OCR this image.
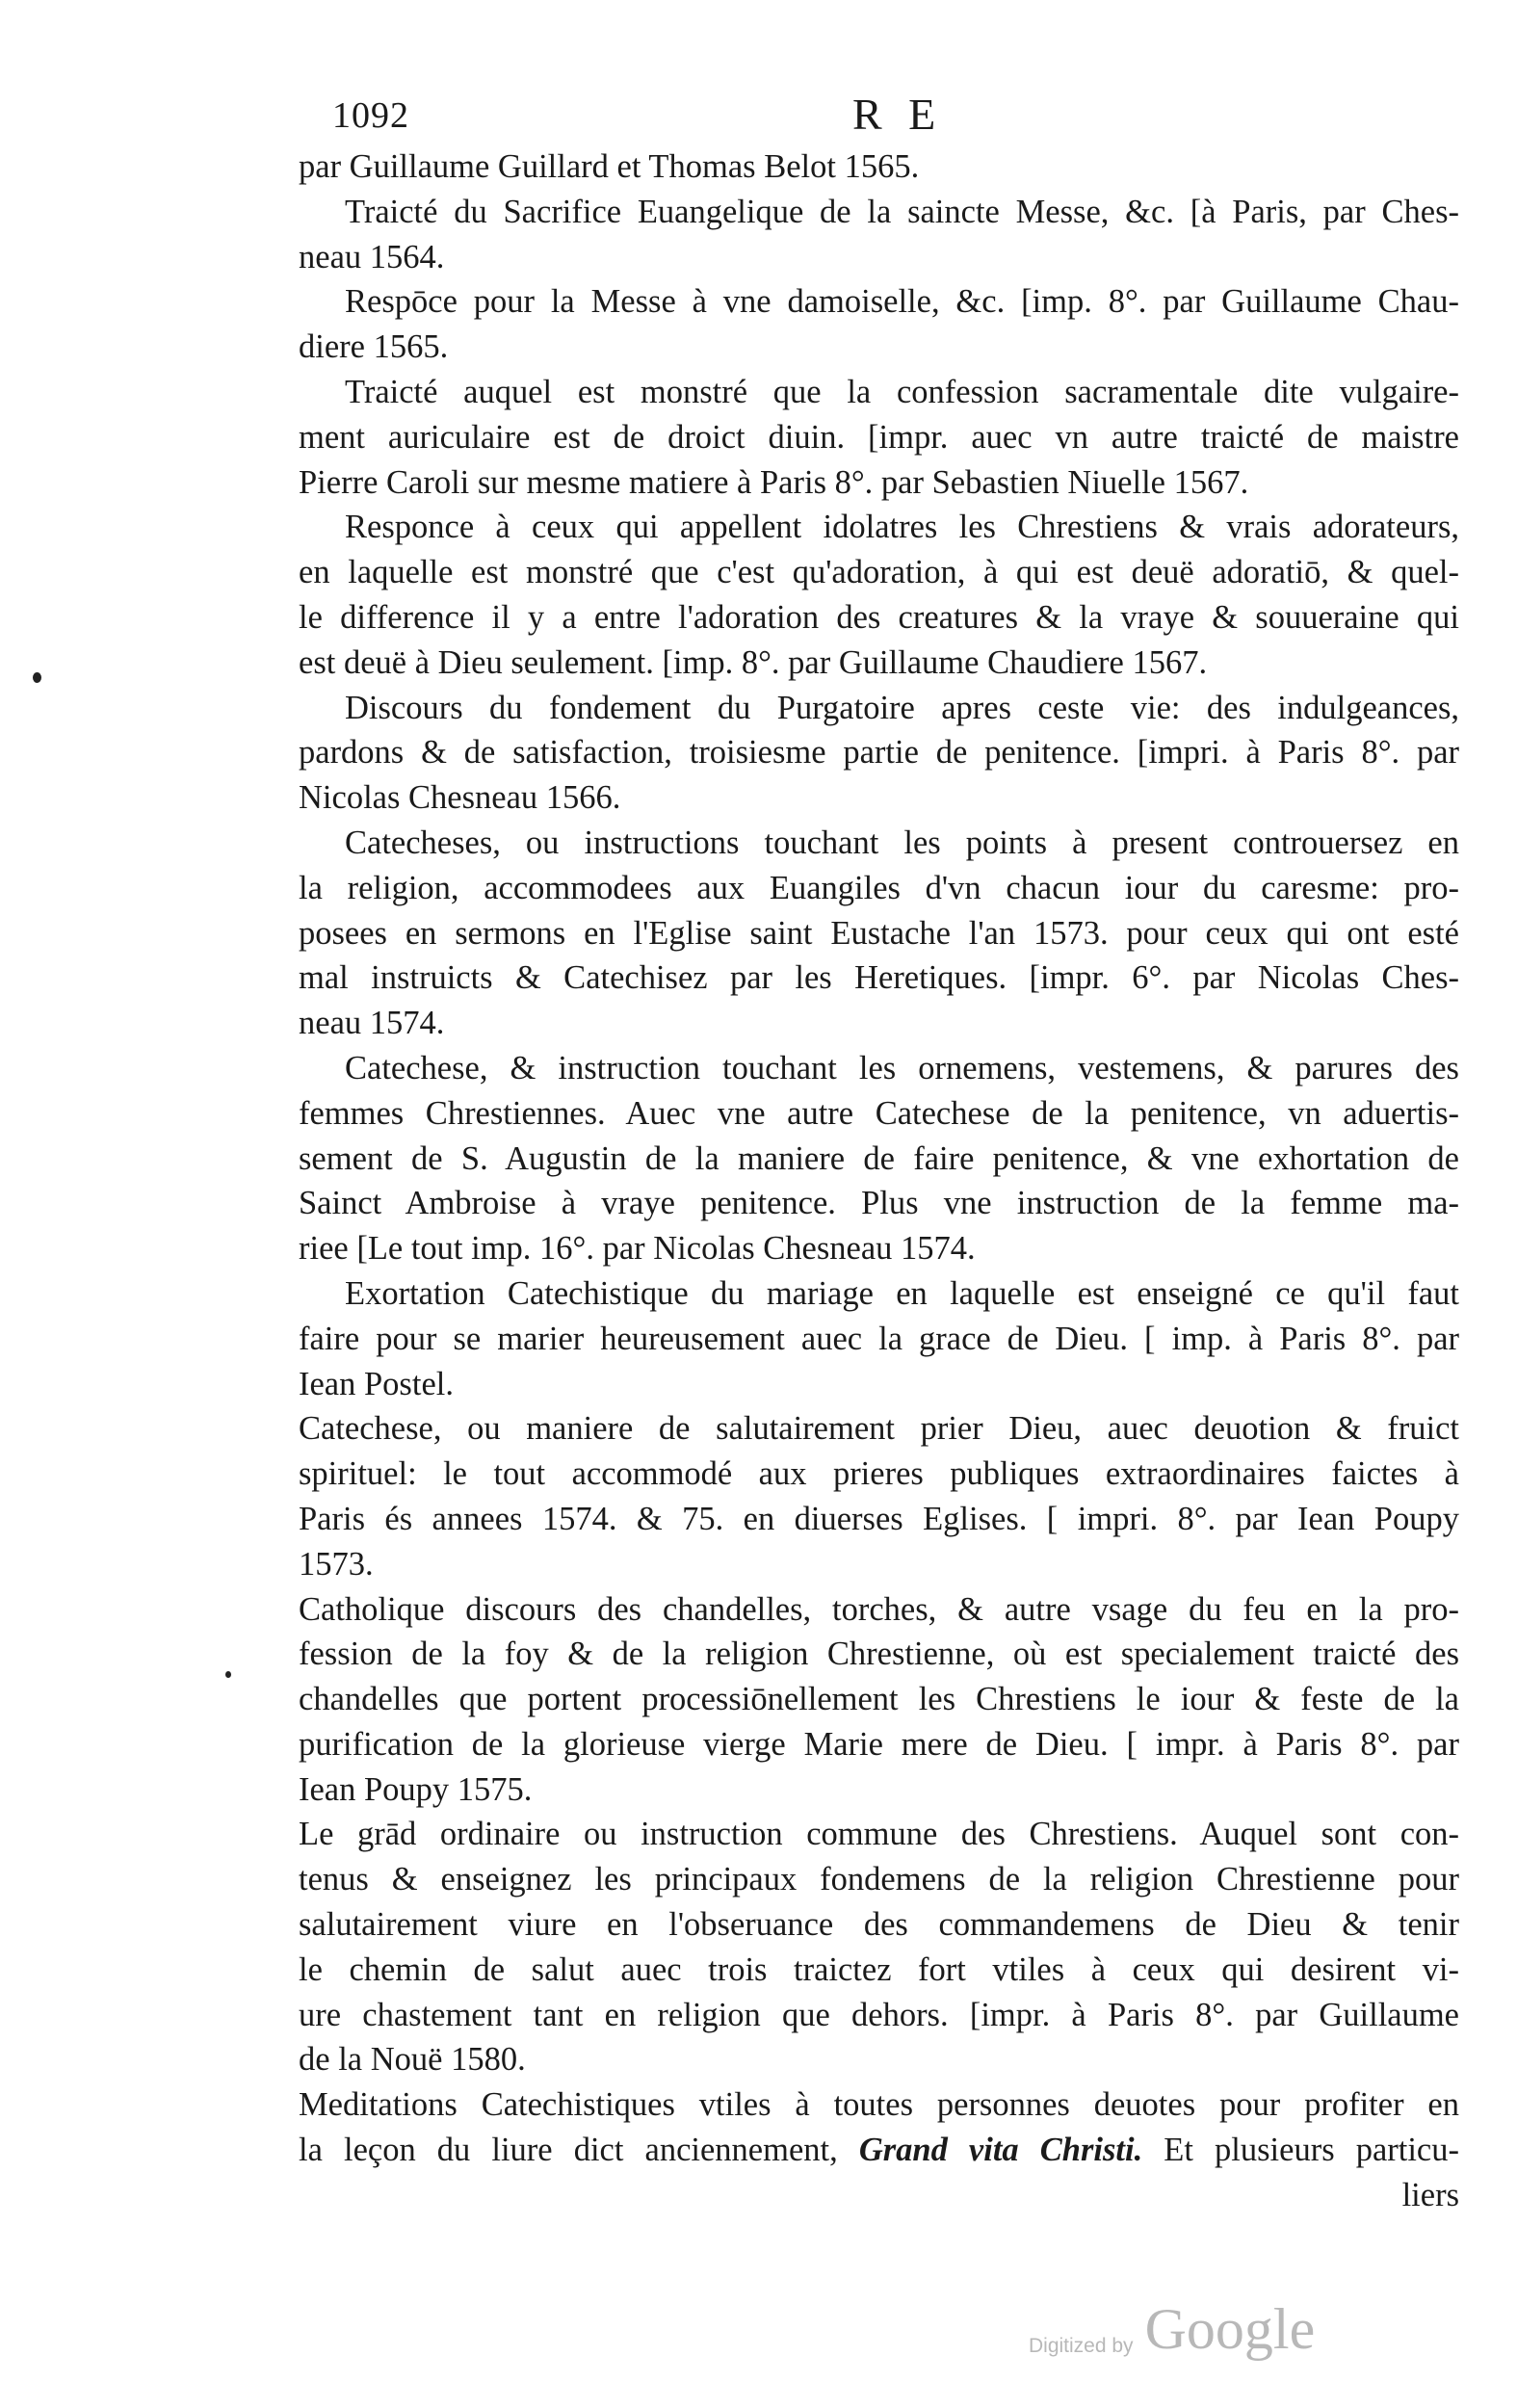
1092	R E
par Guillaume Guillard et Thomas Belot 1565.
Traicté du Sacrifice Euangelique de la saincte Messe, &c. [à Paris, par Ches-
neau 1564.
Respōce pour la Messe à vne damoiselle, &c. [imp. 8°. par Guillaume Chau-
diere 1565.
Traicté auquel est monstré que la confession sacramentale dite vulgaire-
ment auriculaire est de droict diuin. [impr. auec vn autre traicté de maistre
Pierre Caroli sur mesme matiere à Paris 8°. par Sebastien Niuelle 1567.
Responce à ceux qui appellent idolatres les Chrestiens & vrais adorateurs,
en laquelle est monstré que c'est qu'adoration, à qui est deuë adoratiō, & quel-
le difference il y a entre l'adoration des creatures & la vraye & souueraine qui
est deuë à Dieu seulement. [imp. 8°. par Guillaume Chaudiere 1567.
Discours du fondement du Purgatoire apres ceste vie: des indulgeances,
pardons & de satisfaction, troisiesme partie de penitence. [impri. à Paris 8°. par
Nicolas Chesneau 1566.
Catecheses, ou instructions touchant les points à present controuersez en
la religion, accommodees aux Euangiles d'vn chacun iour du caresme: pro-
posees en sermons en l'Eglise saint Eustache l'an 1573. pour ceux qui ont esté
mal instruicts & Catechisez par les Heretiques. [impr. 6°. par Nicolas Ches-
neau 1574.
Catechese, & instruction touchant les ornemens, vestemens, & parures des
femmes Chrestiennes. Auec vne autre Catechese de la penitence, vn aduertis-
sement de S. Augustin de la maniere de faire penitence, & vne exhortation de
Sainct Ambroise à vraye penitence. Plus vne instruction de la femme ma-
riee [Le tout imp. 16°. par Nicolas Chesneau 1574.
Exortation Catechistique du mariage en laquelle est enseigné ce qu'il faut
faire pour se marier heureusement auec la grace de Dieu. [ imp. à Paris 8°. par
Iean Postel.
Catechese, ou maniere de salutairement prier Dieu, auec deuotion & fruict
spirituel: le tout accommodé aux prieres publiques extraordinaires faictes à
Paris és annees 1574. & 75. en diuerses Eglises. [ impri. 8°. par Iean Poupy
1573.
Catholique discours des chandelles, torches, & autre vsage du feu en la pro-
fession de la foy & de la religion Chrestienne, où est specialement traicté des
chandelles que portent processiōnellement les Chrestiens le iour & feste de la
purification de la glorieuse vierge Marie mere de Dieu. [ impr. à Paris 8°. par
Iean Poupy 1575.
Le grād ordinaire ou instruction commune des Chrestiens. Auquel sont con-
tenus & enseignez les principaux fondemens de la religion Chrestienne pour
salutairement viure en l'obseruance des commandemens de Dieu & tenir
le chemin de salut auec trois traictez fort vtiles à ceux qui desirent vi-
ure chastement tant en religion que dehors. [impr. à Paris 8°. par Guillaume
de la Nouë 1580.
Meditations Catechistiques vtiles à toutes personnes deuotes pour profiter en
la leçon du liure dict anciennement, Grand vita Christi. Et plusieurs particu-
liers
Digitized by Google
